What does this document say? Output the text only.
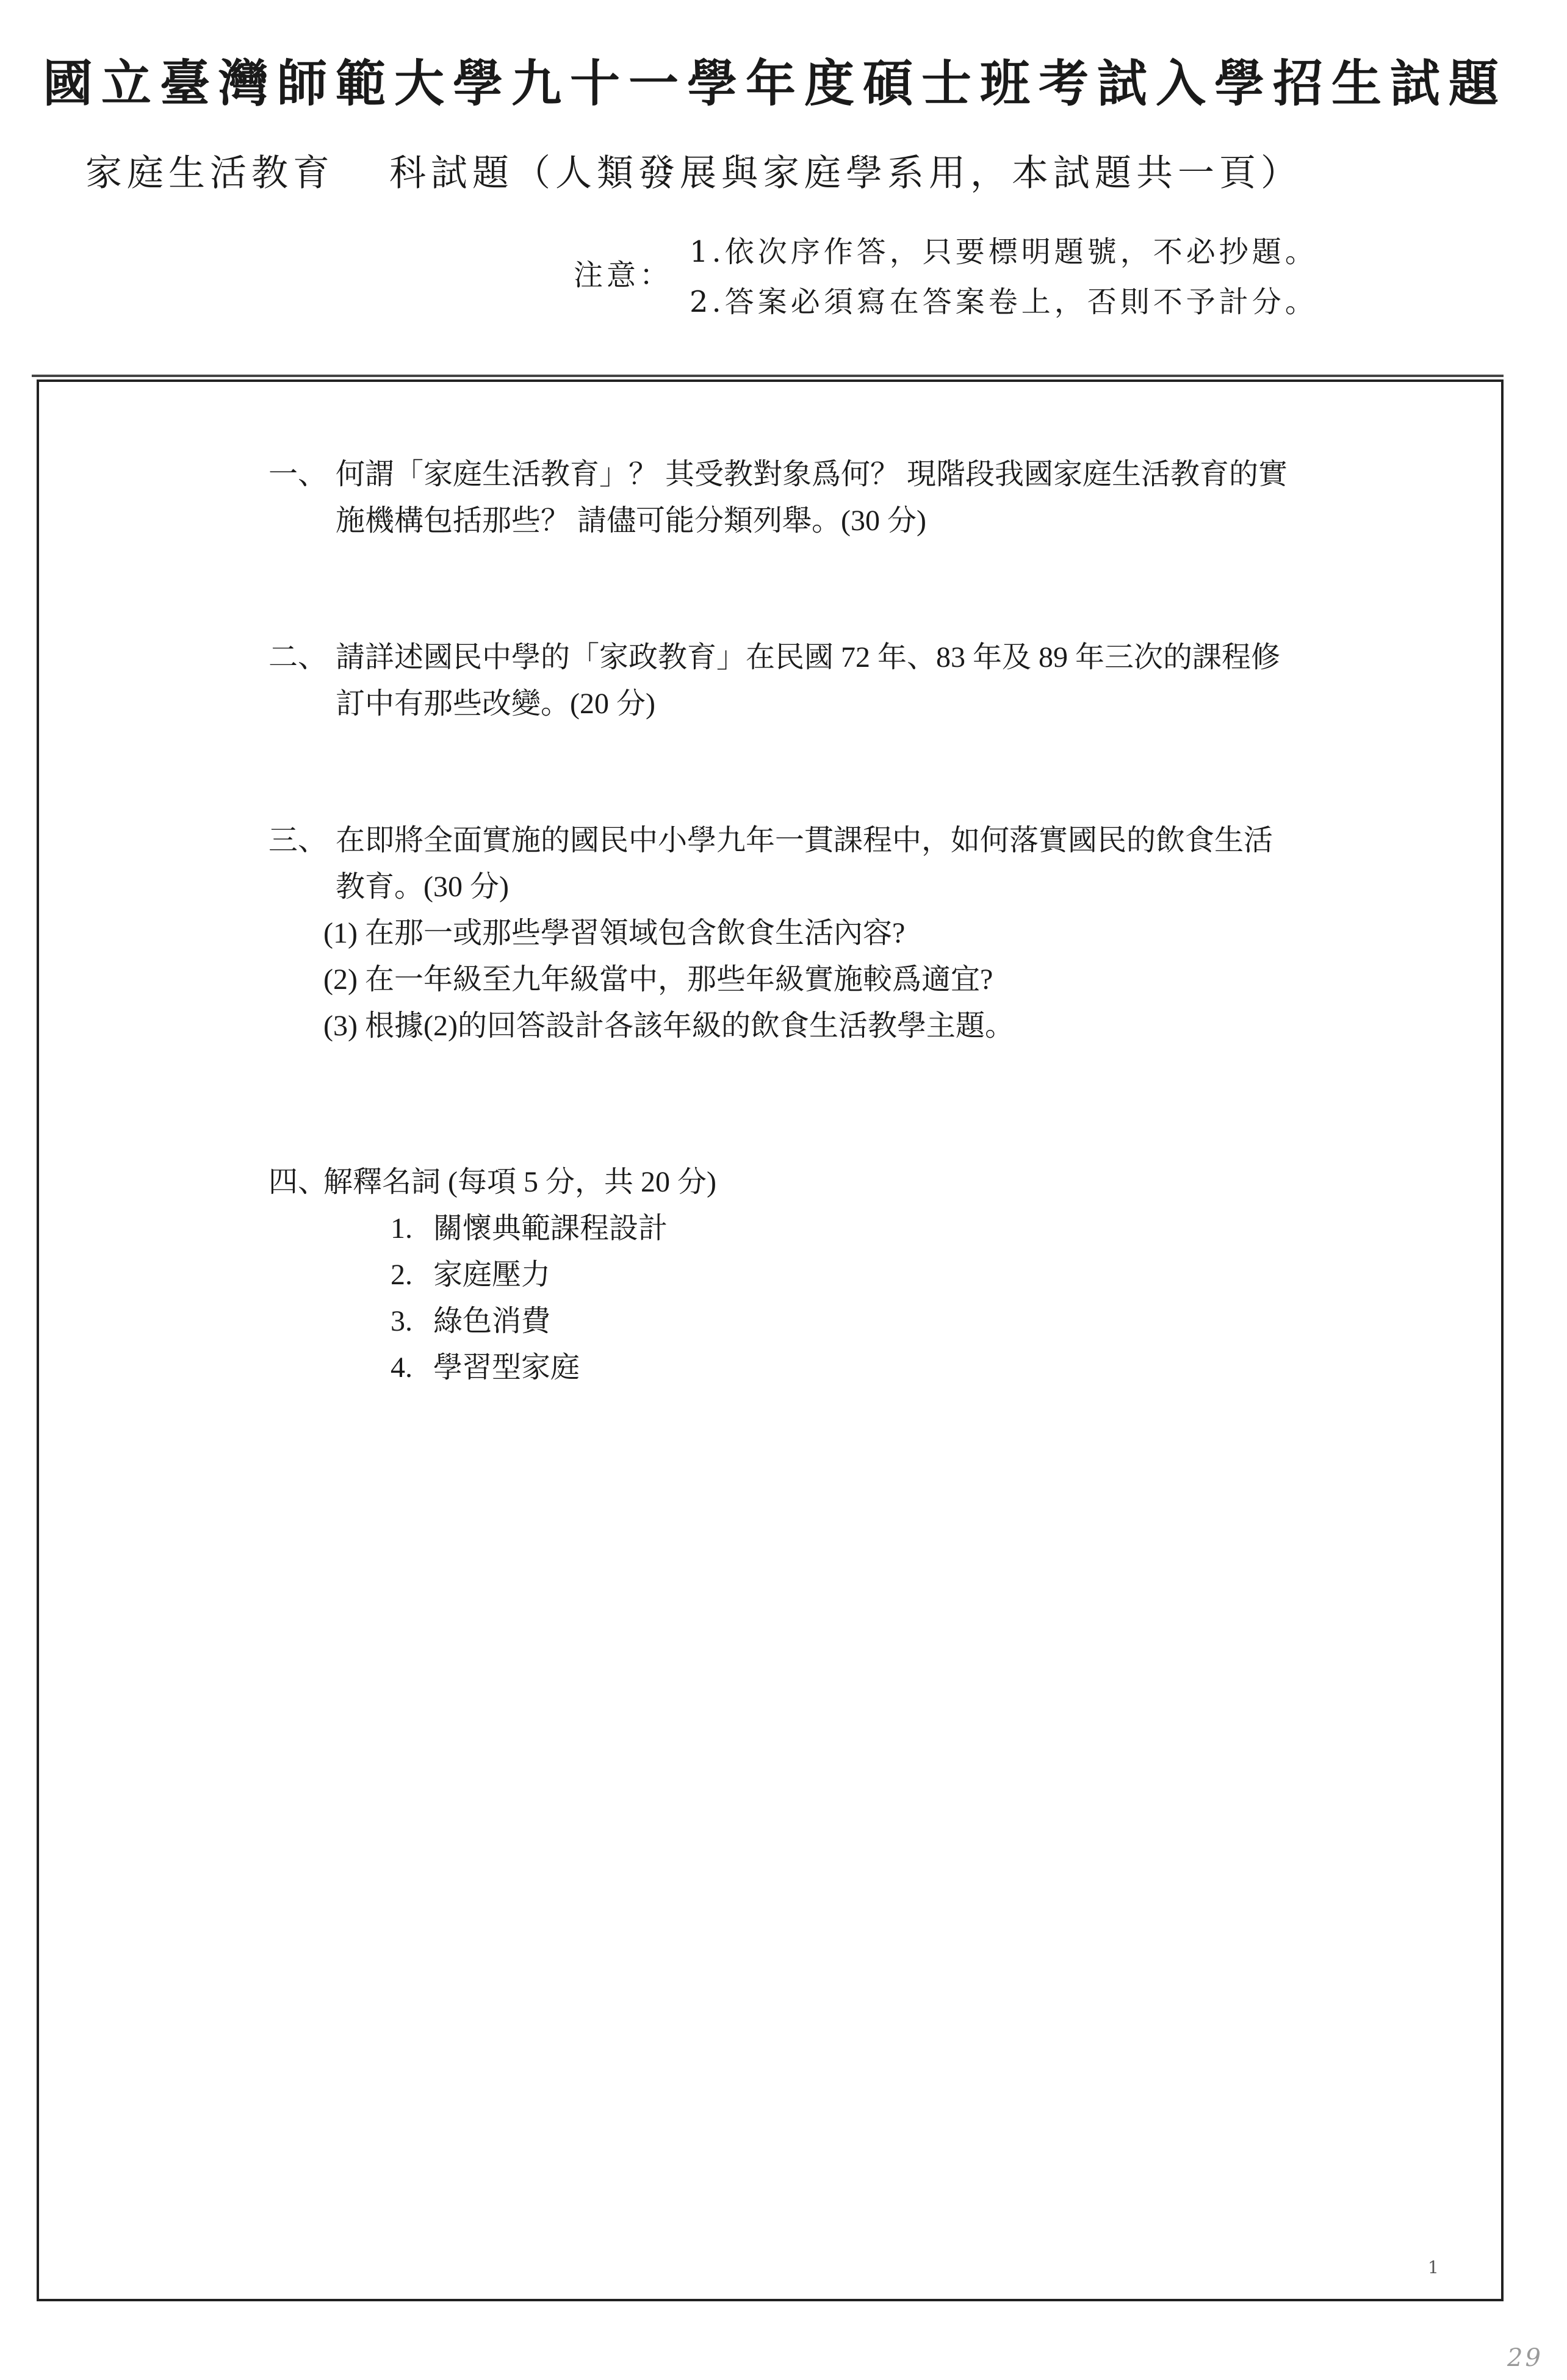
國立臺灣師範大學九十一學年度碩士班考試入學招生試題
家庭生活教育 科試題（人類發展與家庭學系用，本試題共一頁）
注意：
1.依次序作答，只要標明題號，不必抄題。
2.答案必須寫在答案卷上，否則不予計分。
一、 何謂「家庭生活教育」？ 其受教對象爲何？ 現階段我國家庭生活教育的實
施機構包括那些？ 請儘可能分類列舉。(30 分)
二、 請詳述國民中學的「家政教育」在民國 72 年、83 年及 89 年三次的課程修
訂中有那些改變。(20 分)
三、 在即將全面實施的國民中小學九年一貫課程中，如何落實國民的飲食生活
教育。(30 分)
(1) 在那一或那些學習領域包含飲食生活內容?
(2) 在一年級至九年級當中，那些年級實施較爲適宜?
(3) 根據(2)的回答設計各該年級的飲食生活教學主題。
四、
解釋名詞 (每項 5 分，共 20 分)
1. 關懷典範課程設計
2. 家庭壓力
3. 綠色消費
4. 學習型家庭
1
29
